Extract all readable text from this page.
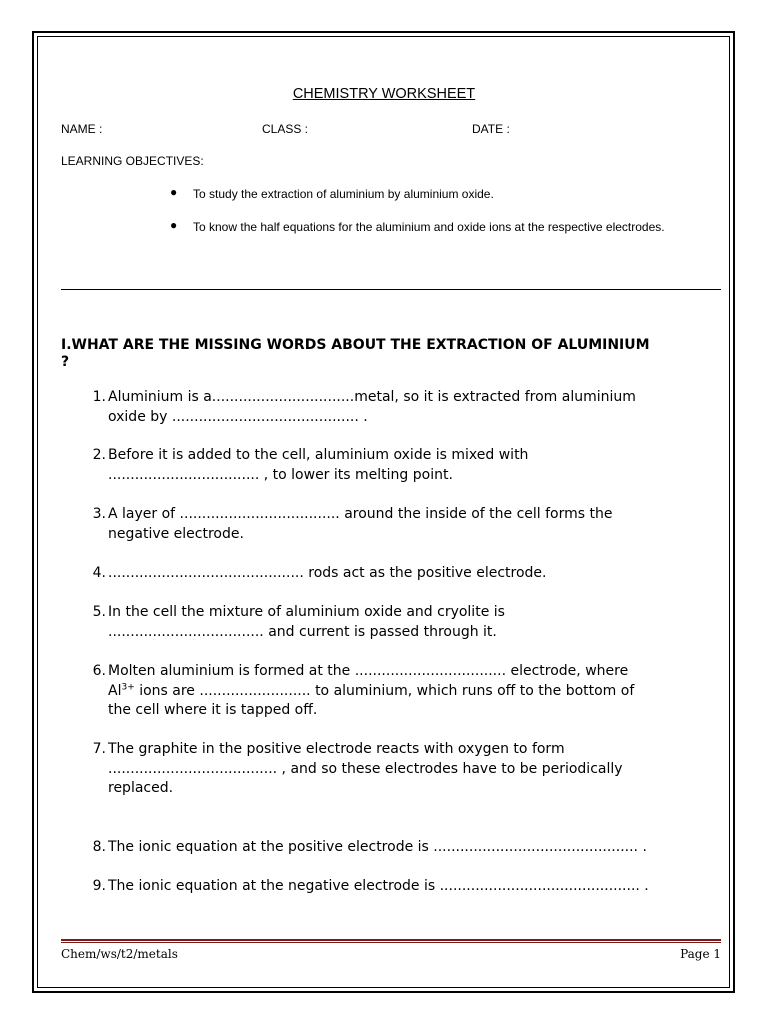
CHEMISTRY WORKSHEET
NAME :	CLASS :	DATE :
LEARNING OBJECTIVES:
● To study the extraction of aluminium by aluminium oxide.
● To know the half equations for the aluminium and oxide ions at the respective electrodes.
I.WHAT ARE THE MISSING WORDS ABOUT THE EXTRACTION OF ALUMINIUM ?
1. Aluminium is a................................metal, so it is extracted from aluminium
oxide by .......................................... .
2. Before it is added to the cell, aluminium oxide is mixed with
.................................. , to lower its melting point.
3. A layer of .................................... around the inside of the cell forms the
negative electrode.
4. ............................................ rods act as the positive electrode.
5. In the cell the mixture of aluminium oxide and cryolite is
................................... and current is passed through it.
6. Molten aluminium is formed at the .................................. electrode, where
$Al^{3+}$ ions are ......................... to aluminium, which runs off to the bottom of
the cell where it is tapped off.
7. The graphite in the positive electrode reacts with oxygen to form
...................................... , and so these electrodes have to be periodically
replaced.
8. The ionic equation at the positive electrode is .............................................. .
9. The ionic equation at the negative electrode is ............................................. .
Chem/ws/t2/metals	Page 1
